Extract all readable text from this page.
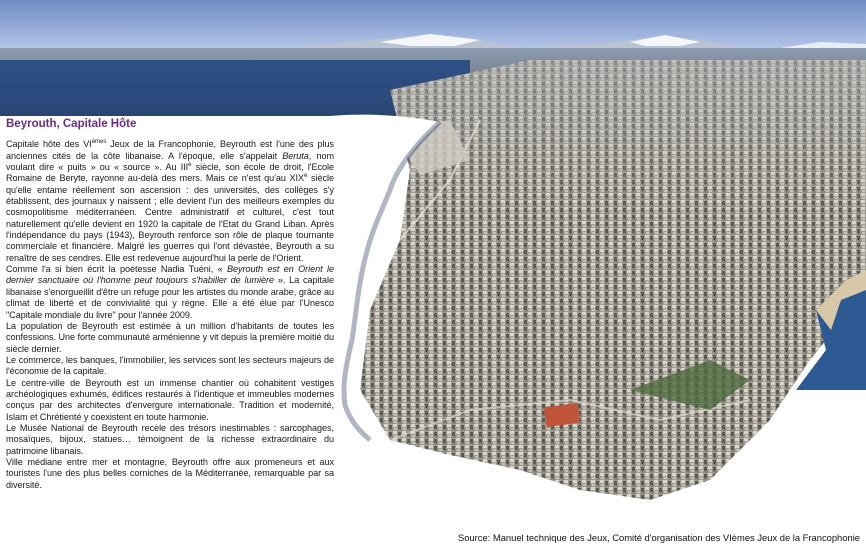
Beyrouth, Capitale Hôte

Capitale hôte des VIèmes Jeux de la Francophonie, Beyrouth est l'une des plus anciennes cités de la côte libanaise. A l'époque, elle s'appelait Beruta, nom voulant dire « puits » ou « source ». Au IIIe siècle, son école de droit, l'Ecole Romaine de Beryte, rayonne au-delà des mers. Mais ce n'est qu'au XIXe siècle qu'elle entame réellement son ascension : des universités, des collèges s'y établissent, des journaux y naissent ; elle devient l'un des meilleurs exemples du cosmopolitisme méditerranéen. Centre administratif et culturel, c'est tout naturellement qu'elle devient en 1920 la capitale de l'Etat du Grand Liban. Après l'indépendance du pays (1943), Beyrouth renforce son rôle de plaque tournante commerciale et financière. Malgré les guerres qui l'ont dévastée, Beyrouth a su renaître de ses cendres. Elle est redevenue aujourd'hui la perle de l'Orient.

Comme l'a si bien écrit la poétesse Nadia Tuéni, « Beyrouth est en Orient le dernier sanctuaire où l'homme peut toujours s'habiller de lumière ». La capitale libanaise s'enorgueillit d'être un refuge pour les artistes du monde arabe, grâce au climat de liberté et de convivialité qui y règne. Elle a été élue par l'Unesco "Capitale mondiale du livre" pour l'année 2009.

La population de Beyrouth est estimée à un million d'habitants de toutes les confessions. Une forte communauté arménienne y vit depuis la première moitié du siècle dernier.

Le commerce, les banques, l'immobilier, les services sont les secteurs majeurs de l'économie de la capitale.

Le centre-ville de Beyrouth est un immense chantier où cohabitent vestiges archéologiques exhumés, édifices restaurés à l'identique et immeubles modernes conçus par des architectes d'envergure internationale. Tradition et modernité, Islam et Chrétienté y coexistent en toute harmonie.

Le Musée National de Beyrouth recèle des trésors inestimables : sarcophages, mosaïques, bijoux, statues… témoignent de la richesse extraordinaire du patrimoine libanais.

Ville médiane entre mer et montagne, Beyrouth offre aux promeneurs et aux touristes l'une des plus belles corniches de la Méditerranée, remarquable par sa diversité.

Source: Manuel technique des Jeux, Comité d'organisation des VIèmes Jeux de la Francophonie
